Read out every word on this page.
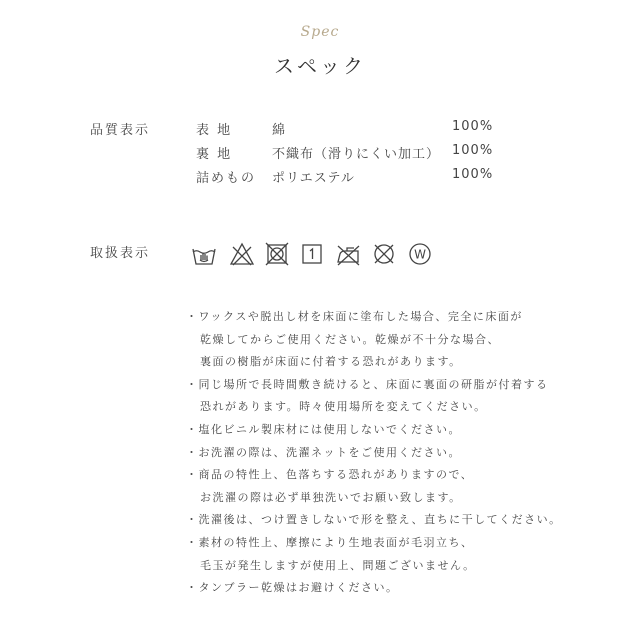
Spec
スペック
品質表示	表 地	綿	100%
裏 地	不織布（滑りにくい加工） 100%
詰めもの ポリエステル	100%
取扱表示	W
・ワックスや脱出し材を床面に塗布した場合、完全に床面が
乾燥してからご使用ください。乾燥が不十分な場合、
裏面の樹脂が床面に付着する恐れがあります。
・同じ場所で長時間敷き続けると、床面に裏面の研脂が付着する
恐れがあります。時々使用場所を変えてください。
・塩化ビニル製床材には使用しないでください。
・お洗濯の際は、洗濯ネットをご使用ください。
・商品の特性上、色落ちする恐れがありますので、
お洗濯の際は必ず単独洗いでお願い致します。
・洗濯後は、つけ置きしないで形を整え、直ちに干してください。
・素材の特性上、摩擦により生地表面が毛羽立ち、
毛玉が発生しますが使用上、問題ございません。
・タンブラー乾燥はお避けください。
